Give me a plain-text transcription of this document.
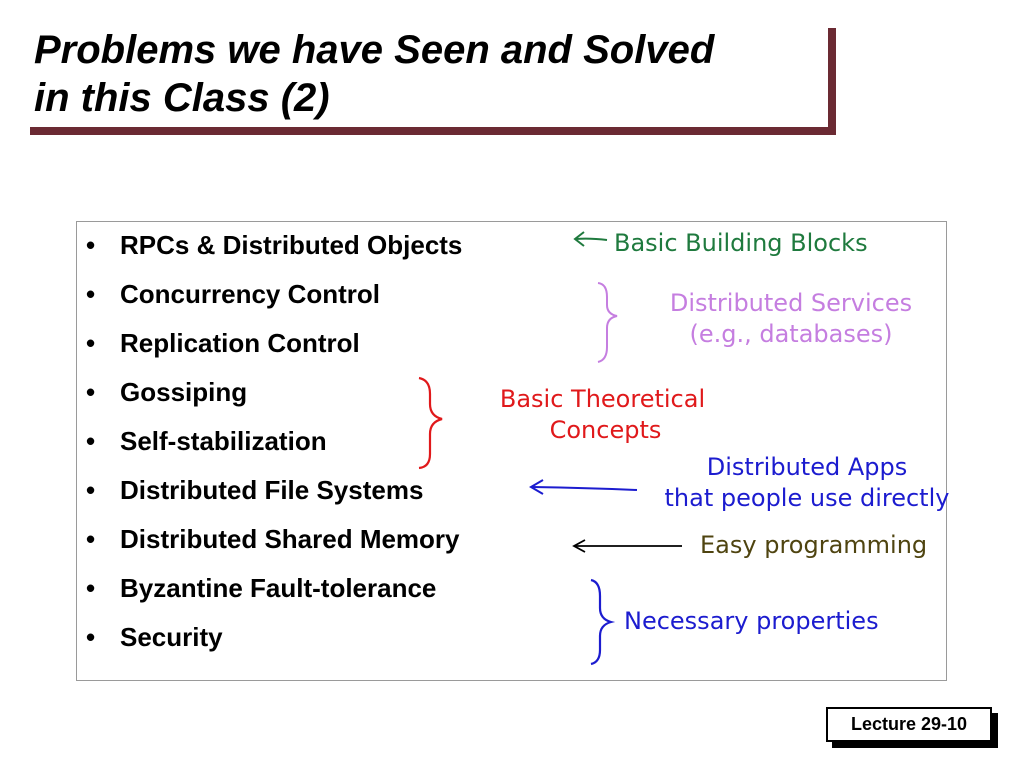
Problems we have Seen and Solved
in this Class (2)
• RPCs & Distributed Objects
• Concurrency Control
• Replication Control
• Gossiping
• Self-stabilization
• Distributed File Systems
• Distributed Shared Memory
• Byzantine Fault-tolerance
• Security
Basic Building Blocks
Distributed Services
(e.g., databases)
Basic Theoretical
Concepts
Distributed Apps
that people use directly
Easy programming
Necessary properties
Lecture 29-10
